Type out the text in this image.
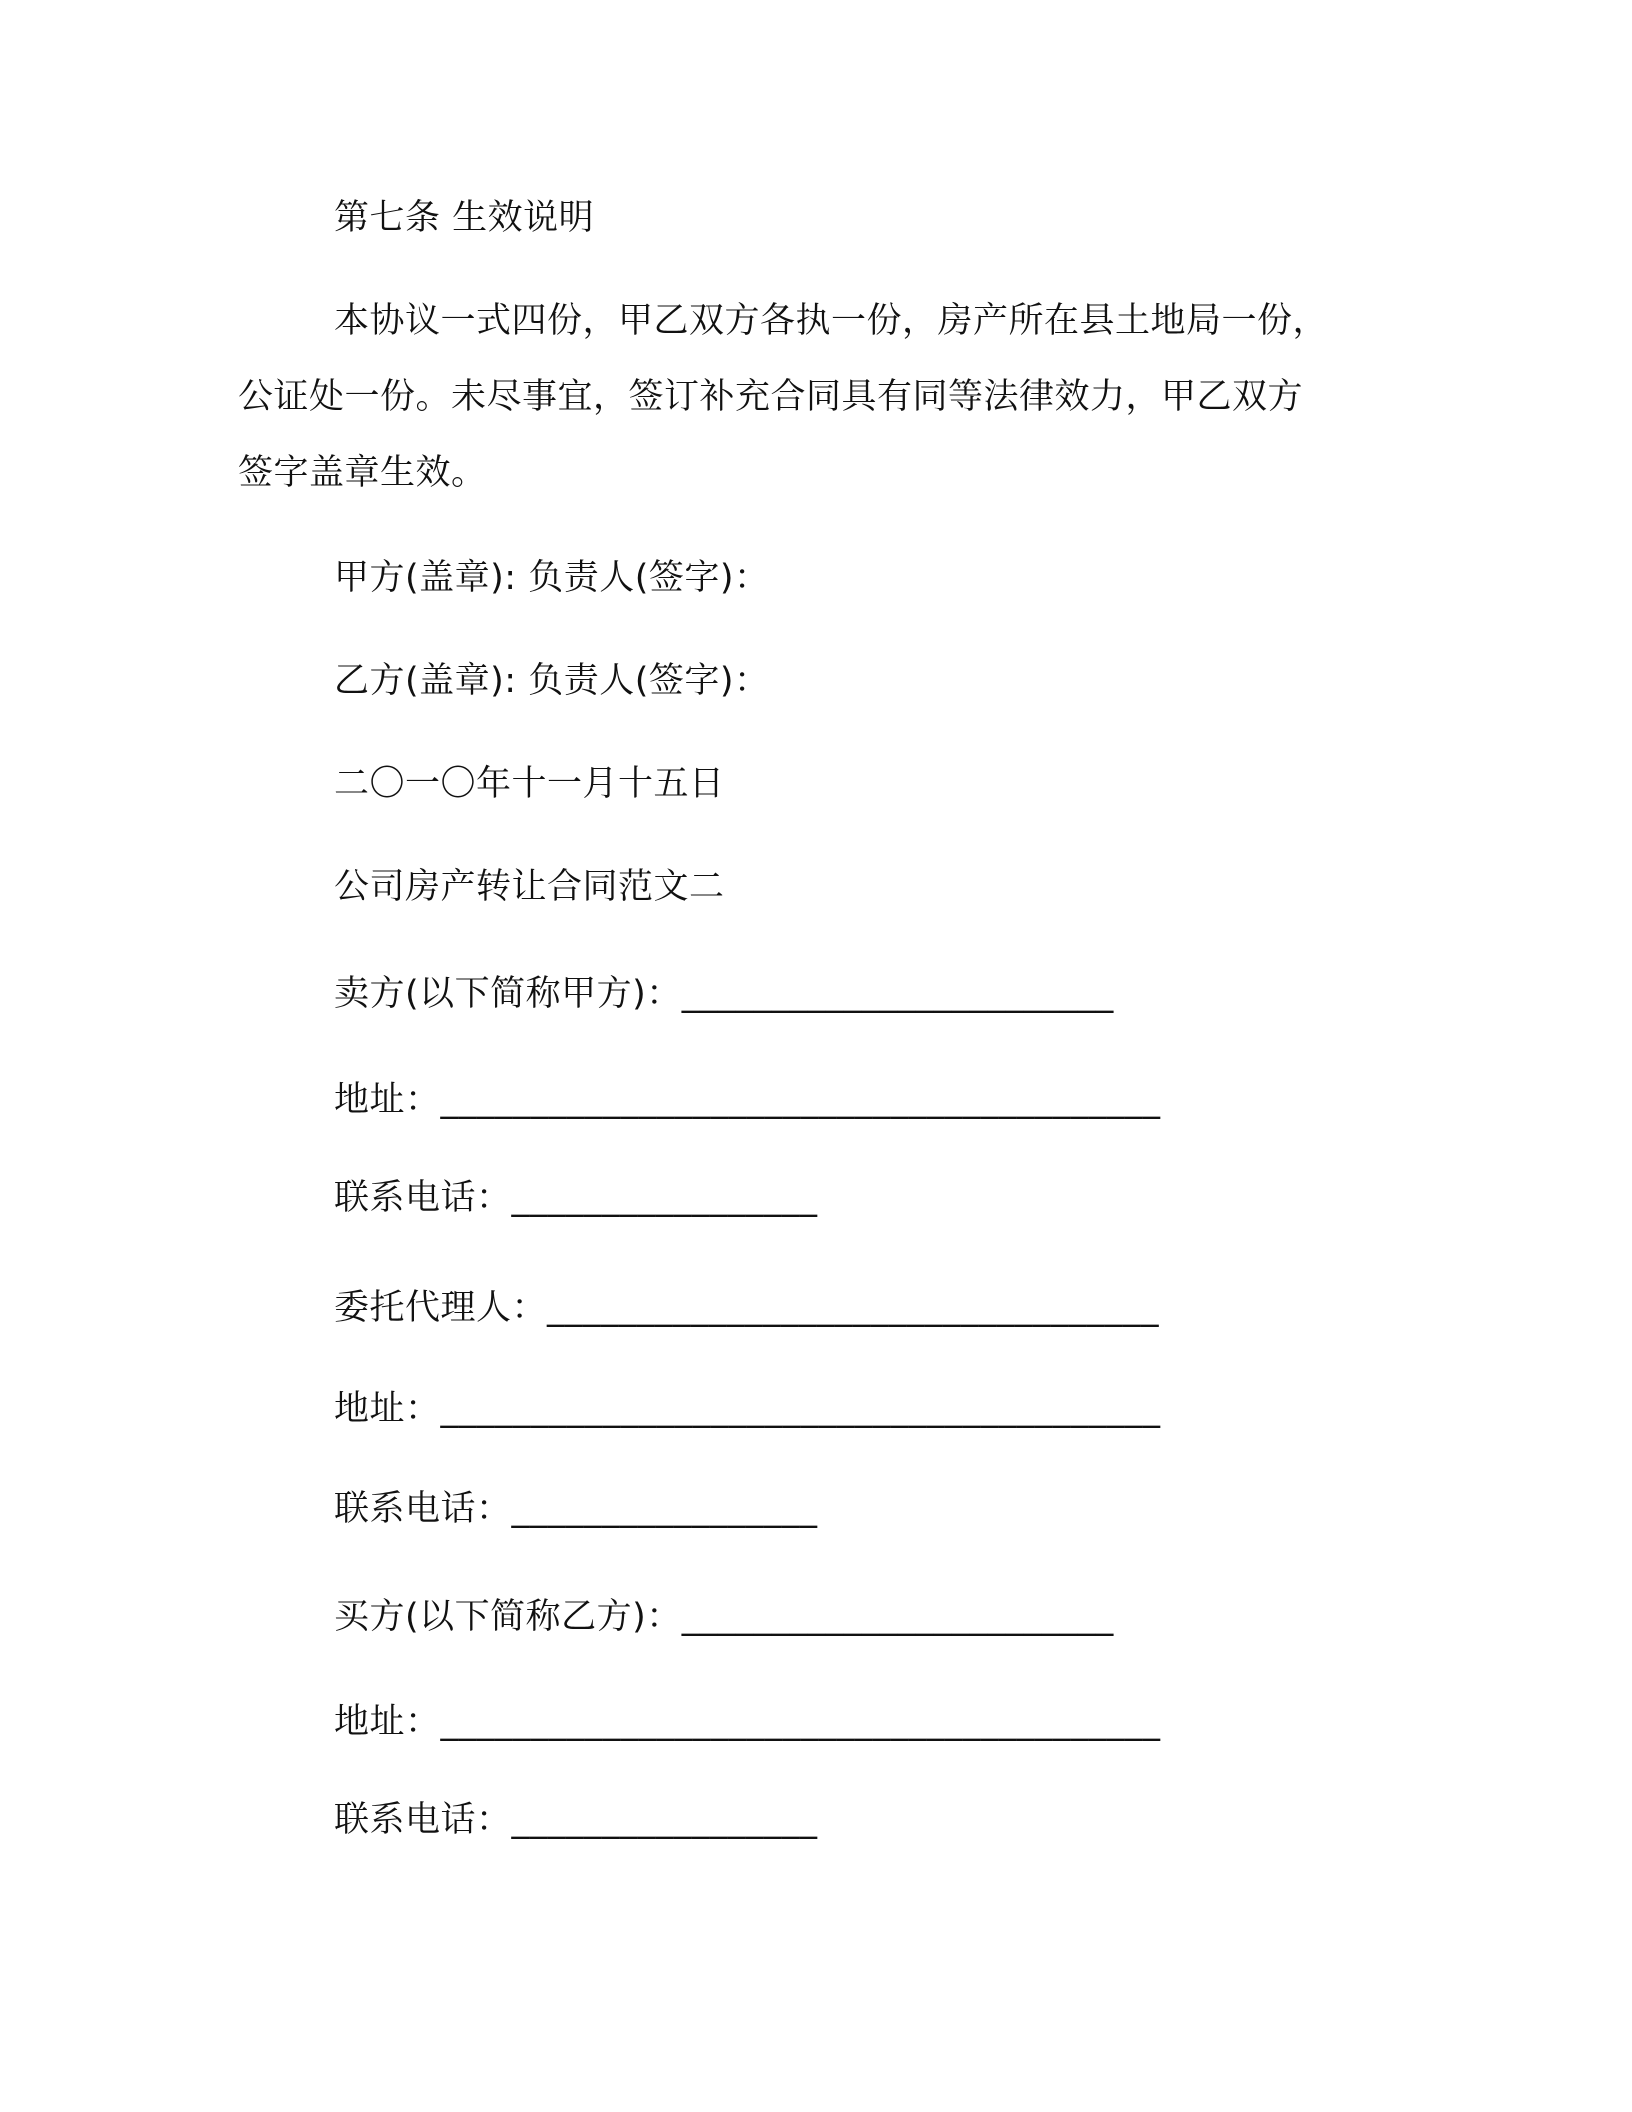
第七条 生效说明
本协议一式四份，甲乙双方各执一份，房产所在县土地局一份，
公证处一份。未尽事宜，签订补充合同具有同等法律效力，甲乙双方
签字盖章生效。
甲方(盖章): 负责人(签字)：
乙方(盖章): 负责人(签字)：
二〇一〇年十一月十五日
公司房产转让合同范文二
卖方(以下简称甲方)：________________________
地址：________________________________________
联系电话：_________________
委托代理人：__________________________________
地址：________________________________________
联系电话：_________________
买方(以下简称乙方)：________________________
地址：________________________________________
联系电话：_________________
